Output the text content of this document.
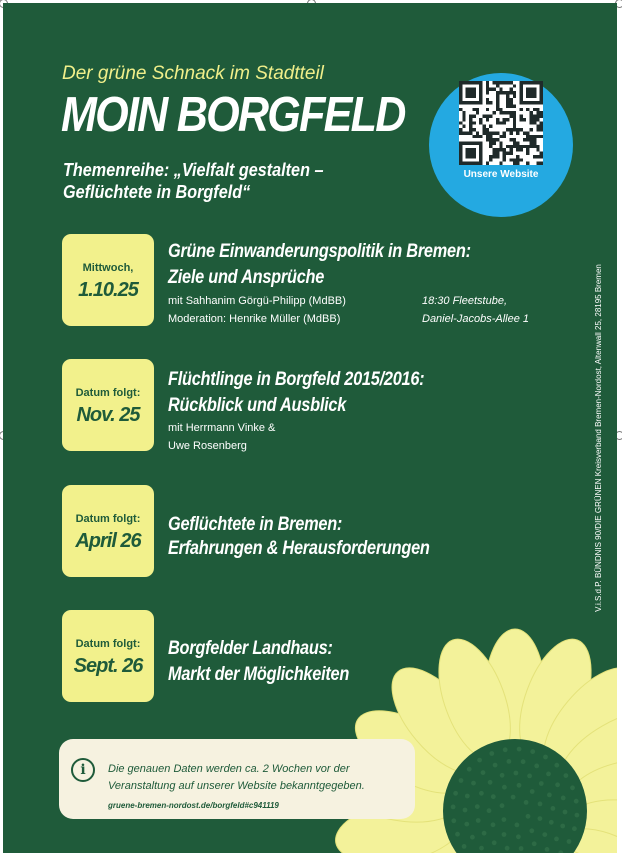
Der grüne Schnack im Stadtteil
MOIN BORGFELD
Themenreihe: „Vielfalt gestalten – Geflüchtete in Borgfeld“
Unsere Website
Mittwoch,
1.10.25
Grüne Einwanderungspolitik in Bremen:
Ziele und Ansprüche
mit Sahhanim Görgü-Philipp (MdBB)
Moderation: Henrike Müller (MdBB)
18:30 Fleetstube,
Daniel-Jacobs-Allee 1
Datum folgt:
Nov. 25
Flüchtlinge in Borgfeld 2015/2016:
Rückblick und Ausblick
mit Herrmann Vinke &
Uwe Rosenberg
Datum folgt:
April 26
Geflüchtete in Bremen:
Erfahrungen & Herausforderungen
Datum folgt:
Sept. 26
Borgfelder Landhaus:
Markt der Möglichkeiten
V.i.S.d.P. BÜNDNIS 90/DIE GRÜNEN Kreisverband Bremen-Nordost, Altenwall 25, 28195 Bremen
i	Die genauen Daten werden ca. 2 Wochen vor der Veranstaltung auf unserer Website bekanntgegeben.
gruene-bremen-nordost.de/borgfeld#c941119
